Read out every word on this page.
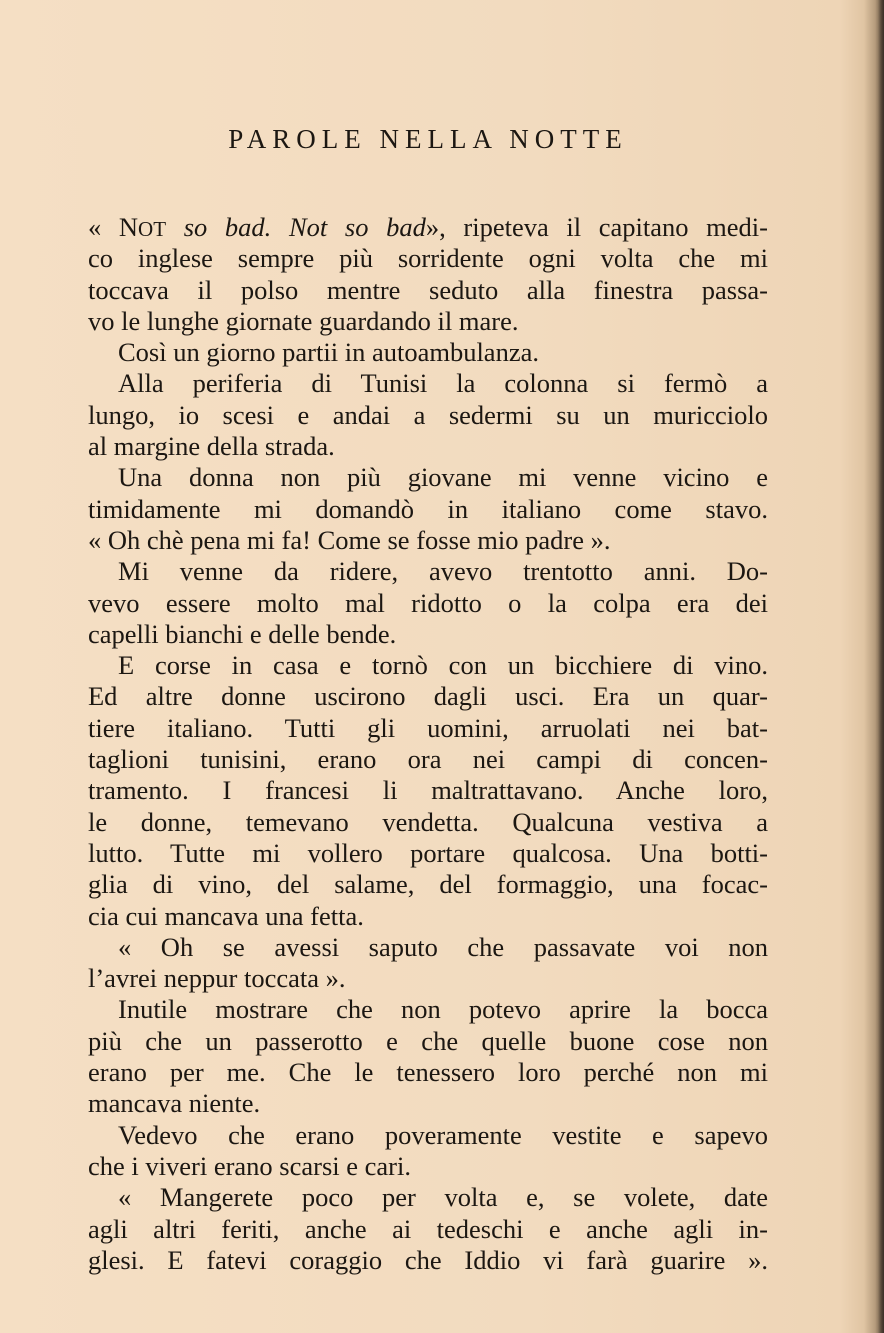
PAROLE NELLA NOTTE
« NOT so bad. Not so bad», ripeteva il capitano medi-
co inglese sempre più sorridente ogni volta che mi
toccava il polso mentre seduto alla finestra passa-
vo le lunghe giornate guardando il mare.
Così un giorno partii in autoambulanza.
Alla periferia di Tunisi la colonna si fermò a
lungo, io scesi e andai a sedermi su un muricciolo
al margine della strada.
Una donna non più giovane mi venne vicino e
timidamente mi domandò in italiano come stavo.
« Oh chè pena mi fa! Come se fosse mio padre ».
Mi venne da ridere, avevo trentotto anni. Do-
vevo essere molto mal ridotto o la colpa era dei
capelli bianchi e delle bende.
E corse in casa e tornò con un bicchiere di vino.
Ed altre donne uscirono dagli usci. Era un quar-
tiere italiano. Tutti gli uomini, arruolati nei bat-
taglioni tunisini, erano ora nei campi di concen-
tramento. I francesi li maltrattavano. Anche loro,
le donne, temevano vendetta. Qualcuna vestiva a
lutto. Tutte mi vollero portare qualcosa. Una botti-
glia di vino, del salame, del formaggio, una focac-
cia cui mancava una fetta.
« Oh se avessi saputo che passavate voi non
l’avrei neppur toccata ».
Inutile mostrare che non potevo aprire la bocca
più che un passerotto e che quelle buone cose non
erano per me. Che le tenessero loro perché non mi
mancava niente.
Vedevo che erano poveramente vestite e sapevo
che i viveri erano scarsi e cari.
« Mangerete poco per volta e, se volete, date
agli altri feriti, anche ai tedeschi e anche agli in-
glesi. E fatevi coraggio che Iddio vi farà guarire ».
